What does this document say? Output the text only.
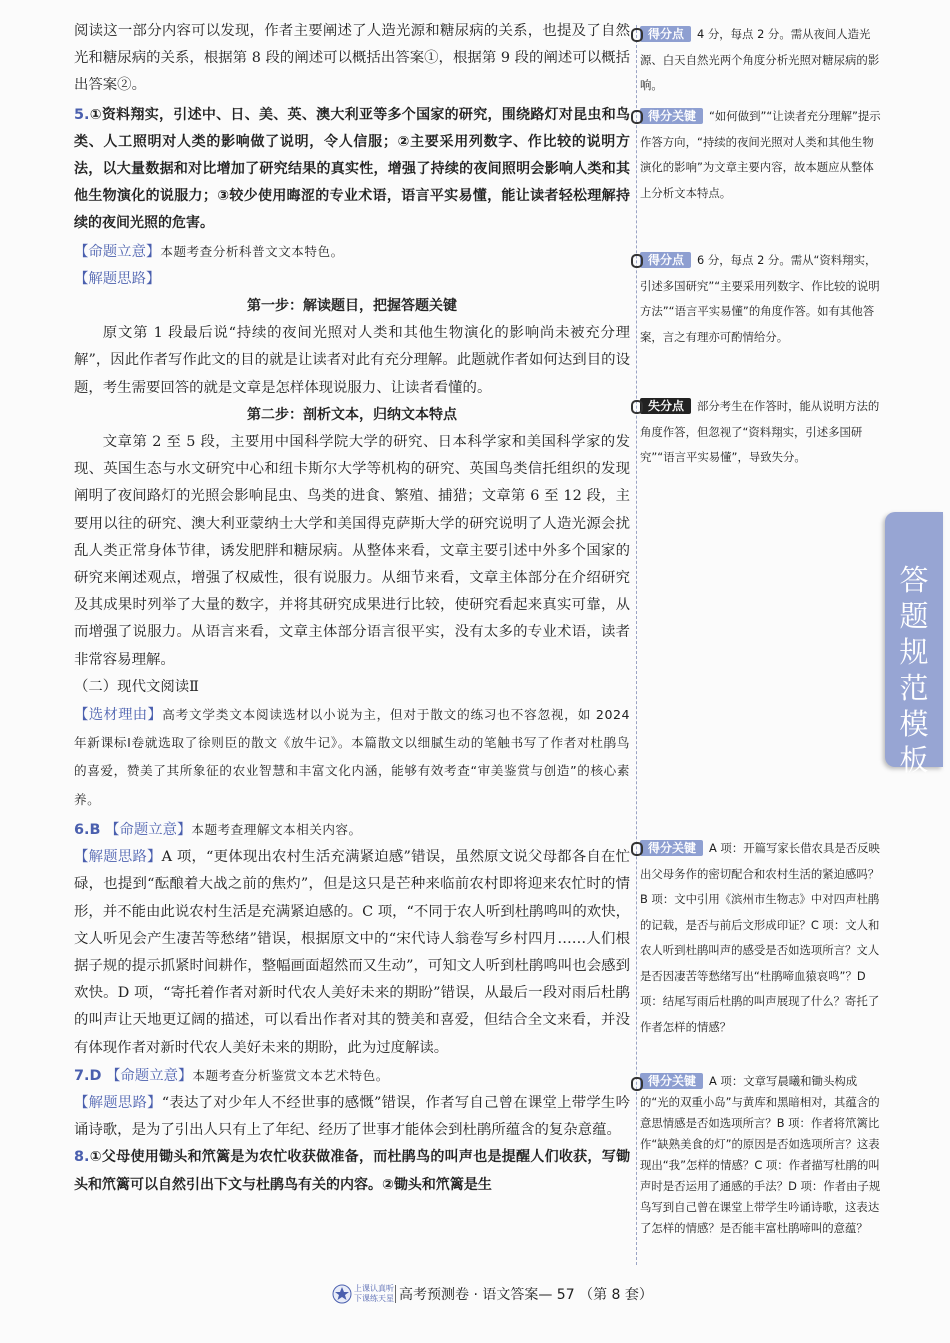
阅读这一部分内容可以发现，作者主要阐述了人造光源和糖尿病的关系，也提及了自然光和糖尿病的关系，根据第 8 段的阐述可以概括出答案①，根据第 9 段的阐述可以概括出答案②。

5.①资料翔实，引述中、日、美、英、澳大利亚等多个国家的研究，围绕路灯对昆虫和鸟类、人工照明对人类的影响做了说明，令人信服；②主要采用列数字、作比较的说明方法，以大量数据和对比增加了研究结果的真实性，增强了持续的夜间照明会影响人类和其他生物演化的说服力；③较少使用晦涩的专业术语，语言平实易懂，能让读者轻松理解持续的夜间光照的危害。

【命题立意】本题考查分析科普文文本特色。

【解题思路】

第一步：解读题目，把握答题关键

原文第 1 段最后说“持续的夜间光照对人类和其他生物演化的影响尚未被充分理解”，因此作者写作此文的目的就是让读者对此有充分理解。此题就作者如何达到目的设题，考生需要回答的就是文章是怎样体现说服力、让读者看懂的。

第二步：剖析文本，归纳文本特点

文章第 2 至 5 段，主要用中国科学院大学的研究、日本科学家和美国科学家的发现、英国生态与水文研究中心和纽卡斯尔大学等机构的研究、英国鸟类信托组织的发现阐明了夜间路灯的光照会影响昆虫、鸟类的进食、繁殖、捕猎；文章第 6 至 12 段，主要用以往的研究、澳大利亚蒙纳士大学和美国得克萨斯大学的研究说明了人造光源会扰乱人类正常身体节律，诱发肥胖和糖尿病。从整体来看，文章主要引述中外多个国家的研究来阐述观点，增强了权威性，很有说服力。从细节来看，文章主体部分在介绍研究及其成果时列举了大量的数字，并将其研究成果进行比较，使研究看起来真实可靠，从而增强了说服力。从语言来看，文章主体部分语言很平实，没有太多的专业术语，读者非常容易理解。

（二）现代文阅读Ⅱ

【选材理由】高考文学类文本阅读选材以小说为主，但对于散文的练习也不容忽视，如 2024 年新课标Ⅰ卷就选取了徐则臣的散文《放牛记》。本篇散文以细腻生动的笔触书写了作者对杜鹃鸟的喜爱，赞美了其所象征的农业智慧和丰富文化内涵，能够有效考查“审美鉴赏与创造”的核心素养。

6.B 【命题立意】本题考查理解文本相关内容。

【解题思路】A 项，“更体现出农村生活充满紧迫感”错误，虽然原文说父母都各自在忙碌，也提到“酝酿着大战之前的焦灼”，但是这只是芒种来临前农村即将迎来农忙时的情形，并不能由此说农村生活是充满紧迫感的。C 项，“不同于农人听到杜鹃鸣叫的欢快，文人听见会产生凄苦等愁绪”错误，根据原文中的“宋代诗人翁卷写乡村四月……人们根据子规的提示抓紧时间耕作，整幅画面超然而又生动”，可知文人听到杜鹃鸣叫也会感到欢快。D 项，“寄托着作者对新时代农人美好未来的期盼”错误，从最后一段对雨后杜鹃的叫声让天地更辽阔的描述，可以看出作者对其的赞美和喜爱，但结合全文来看，并没有体现作者对新时代农人美好未来的期盼，此为过度解读。

7.D 【命题立意】本题考查分析鉴赏文本艺术特色。

【解题思路】“表达了对少年人不经世事的感慨”错误，作者写自己曾在课堂上带学生吟诵诗歌，是为了引出人只有上了年纪、经历了世事才能体会到杜鹃所蕴含的复杂意蕴。

8.①父母使用锄头和笊篱是为农忙收获做准备，而杜鹃鸟的叫声也是提醒人们收获，写锄头和笊篱可以自然引出下文与杜鹃鸟有关的内容。②锄头和笊篱是生

得分点 4 分，每点 2 分。需从夜间人造光源、白天自然光两个角度分析光照对糖尿病的影响。

得分关键 “如何做到”“让读者充分理解”提示作答方向，“持续的夜间光照对人类和其他生物演化的影响”为文章主要内容，故本题应从整体上分析文本特点。

得分点 6 分，每点 2 分。需从“资料翔实，引述多国研究”“主要采用列数字、作比较的说明方法”“语言平实易懂”的角度作答。如有其他答案，言之有理亦可酌情给分。

失分点 部分考生在作答时，能从说明方法的角度作答，但忽视了“资料翔实，引述多国研究”“语言平实易懂”，导致失分。

得分关键 A 项：开篇写家长借农具是否反映出父母务作的密切配合和农村生活的紧迫感吗？B 项：文中引用《滨州市生物志》中对四声杜鹃的记载，是否与前后文形成印证？C 项：文人和农人听到杜鹃叫声的感受是否如选项所言？文人是否因凄苦等愁绪写出“杜鹃啼血猿哀鸣”？D 项：结尾写雨后杜鹃的叫声展现了什么？寄托了作者怎样的情感？

得分关键 A 项：文章写晨曦和锄头构成的“光的双重小岛”与黄库和黑暗相对，其蕴含的意思情感是否如选项所言？B 项：作者将笊篱比作“缺熟美食的灯”的原因是否如选项所言？这表现出“我”怎样的情感？C 项：作者描写杜鹃的叫声时是否运用了通感的手法？D 项：作者由子规鸟写到自己曾在课堂上带学生吟诵诗歌，这表达了怎样的情感？是否能丰富杜鹃啼叫的意蕴？

答题规范模板
上课认真听
下课练天星 高考预测卷 · 语文答案— 57 （第 8 套）
